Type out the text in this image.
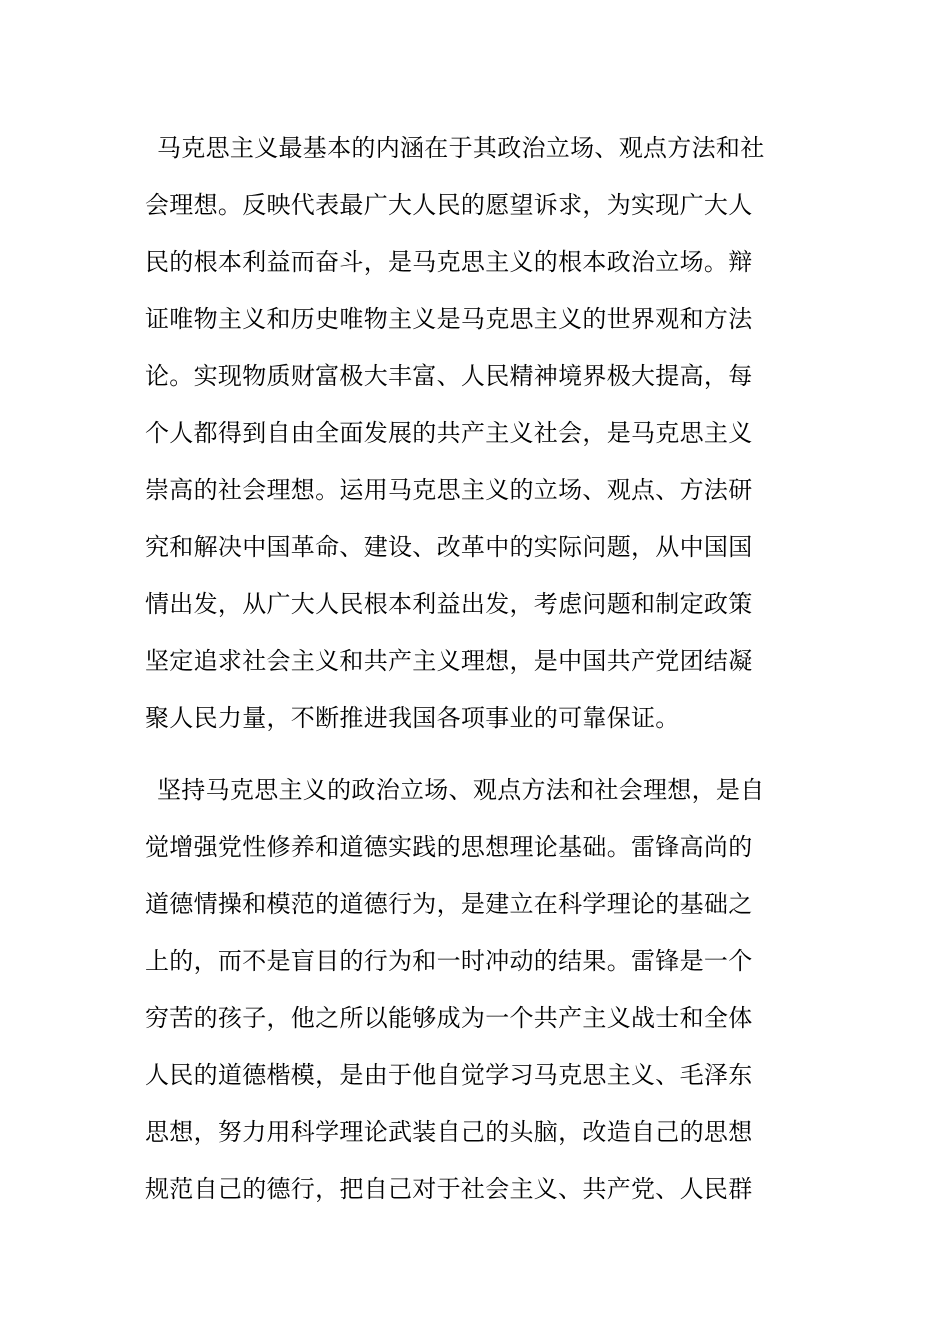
马克思主义最基本的内涵在于其政治立场、观点方法和社
会理想。反映代表最广大人民的愿望诉求，为实现广大人
民的根本利益而奋斗，是马克思主义的根本政治立场。辩
证唯物主义和历史唯物主义是马克思主义的世界观和方法
论。实现物质财富极大丰富、人民精神境界极大提高，每
个人都得到自由全面发展的共产主义社会，是马克思主义
崇高的社会理想。运用马克思主义的立场、观点、方法研
究和解决中国革命、建设、改革中的实际问题，从中国国
情出发，从广大人民根本利益出发，考虑问题和制定政策
坚定追求社会主义和共产主义理想，是中国共产党团结凝
聚人民力量，不断推进我国各项事业的可靠保证。
坚持马克思主义的政治立场、观点方法和社会理想，是自
觉增强党性修养和道德实践的思想理论基础。雷锋高尚的
道德情操和模范的道德行为，是建立在科学理论的基础之
上的，而不是盲目的行为和一时冲动的结果。雷锋是一个
穷苦的孩子，他之所以能够成为一个共产主义战士和全体
人民的道德楷模，是由于他自觉学习马克思主义、毛泽东
思想，努力用科学理论武装自己的头脑，改造自己的思想
规范自己的德行，把自己对于社会主义、共产党、人民群
